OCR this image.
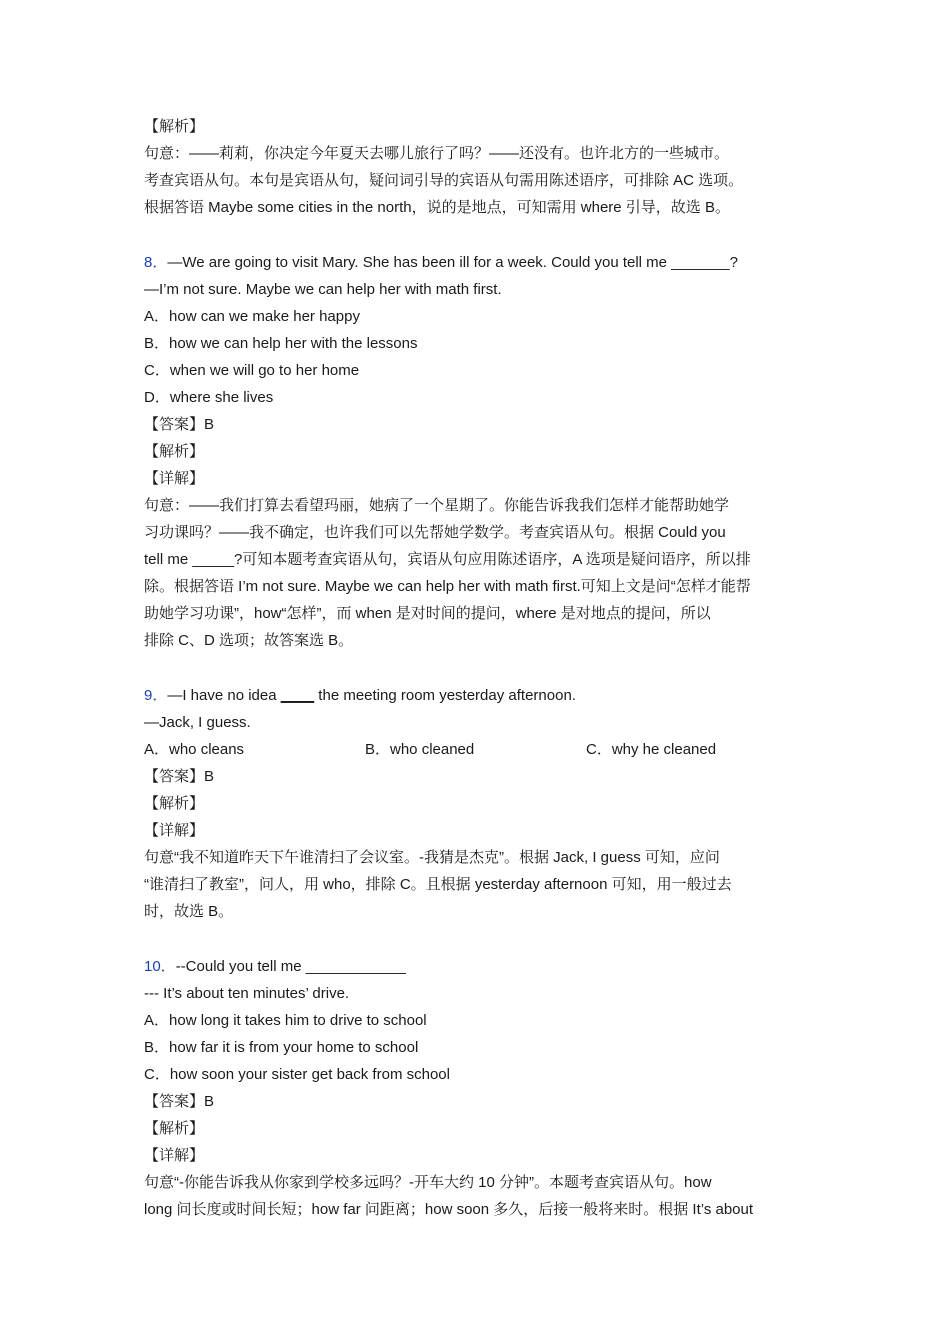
【解析】
句意：——莉莉，你决定今年夏天去哪儿旅行了吗？——还没有。也许北方的一些城市。
考查宾语从句。本句是宾语从句，疑问词引导的宾语从句需用陈述语序，可排除 AC 选项。
根据答语 Maybe some cities in the north，说的是地点，可知需用 where 引导，故选 B。
8．—We are going to visit Mary. She has been ill for a week. Could you tell me _______?
—I’m not sure. Maybe we can help her with math first.
A．how can we make her happy
B．how we can help her with the lessons
C．when we will go to her home
D．where she lives
【答案】B
【解析】
【详解】
句意：——我们打算去看望玛丽，她病了一个星期了。你能告诉我我们怎样才能帮助她学
习功课吗？——我不确定，也许我们可以先帮她学数学。考查宾语从句。根据 Could you
tell me _____?可知本题考查宾语从句，宾语从句应用陈述语序，A 选项是疑问语序，所以排
除。根据答语 I’m not sure. Maybe we can help her with math first.可知上文是问“怎样才能帮
助她学习功课”，how“怎样”，而 when 是对时间的提问，where 是对地点的提问，所以
排除 C、D 选项；故答案选 B。
9．—I have no idea ____ the meeting room yesterday afternoon.
—Jack, I guess.
A．who cleans	B．who cleaned	C．why he cleaned
【答案】B
【解析】
【详解】
句意“我不知道昨天下午谁清扫了会议室。-我猜是杰克”。根据 Jack, I guess 可知，应问
“谁清扫了教室”，问人，用 who，排除 C。且根据 yesterday afternoon 可知，用一般过去
时，故选 B。
10．--Could you tell me ____________
--- It’s about ten minutes’ drive.
A．how long it takes him to drive to school
B．how far it is from your home to school
C．how soon your sister get back from school
【答案】B
【解析】
【详解】
句意“-你能告诉我从你家到学校多远吗？-开车大约 10 分钟”。本题考查宾语从句。how
long 问长度或时间长短；how far 问距离；how soon 多久，后接一般将来时。根据 It’s about
